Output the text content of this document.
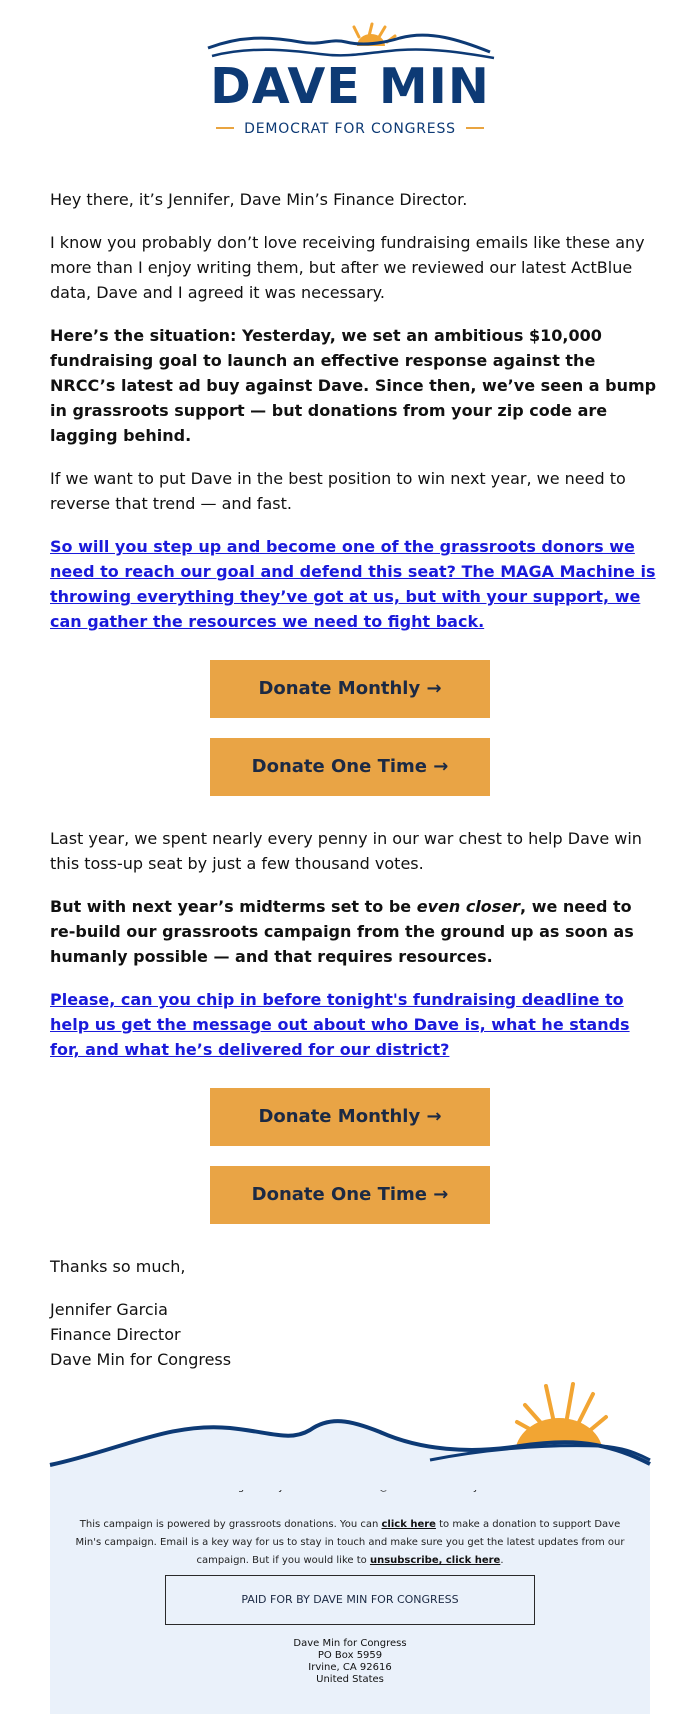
DAVE MIN
DEMOCRAT FOR CONGRESS

Hey there, it’s Jennifer, Dave Min’s Finance Director.

I know you probably don’t love receiving fundraising emails like these any more than I enjoy writing them, but after we reviewed our latest ActBlue data, Dave and I agreed it was necessary.

Here’s the situation: Yesterday, we set an ambitious $10,000 fundraising goal to launch an effective response against the NRCC’s latest ad buy against Dave. Since then, we’ve seen a bump in grassroots support — but donations from your zip code are lagging behind.

If we want to put Dave in the best position to win next year, we need to reverse that trend — and fast.

So will you step up and become one of the grassroots donors we need to reach our goal and defend this seat? The MAGA Machine is throwing everything they’ve got at us, but with your support, we can gather the resources we need to fight back.

Donate Monthly →
Donate One Time →

Last year, we spent nearly every penny in our war chest to help Dave win this toss-up seat by just a few thousand votes.

But with next year’s midterms set to be even closer, we need to re-build our grassroots campaign from the ground up as soon as humanly possible — and that requires resources.

Please, can you chip in before tonight's fundraising deadline to help us get the message out about who Dave is, what he stands for, and what he’s delivered for our district?

Donate Monthly →
Donate One Time →

Thanks so much,

Jennifer Garcia

Finance Director

Dave Min for Congress

This campaign is powered by grassroots donations. You can click here to make a donation to support Dave Min's campaign. Email is a key way for us to stay in touch and make sure you get the latest updates from our campaign. But if you would like to unsubscribe, click here.
PAID FOR BY DAVE MIN FOR CONGRESS
Dave Min for Congress
PO Box 5959
Irvine, CA 92616
United States
